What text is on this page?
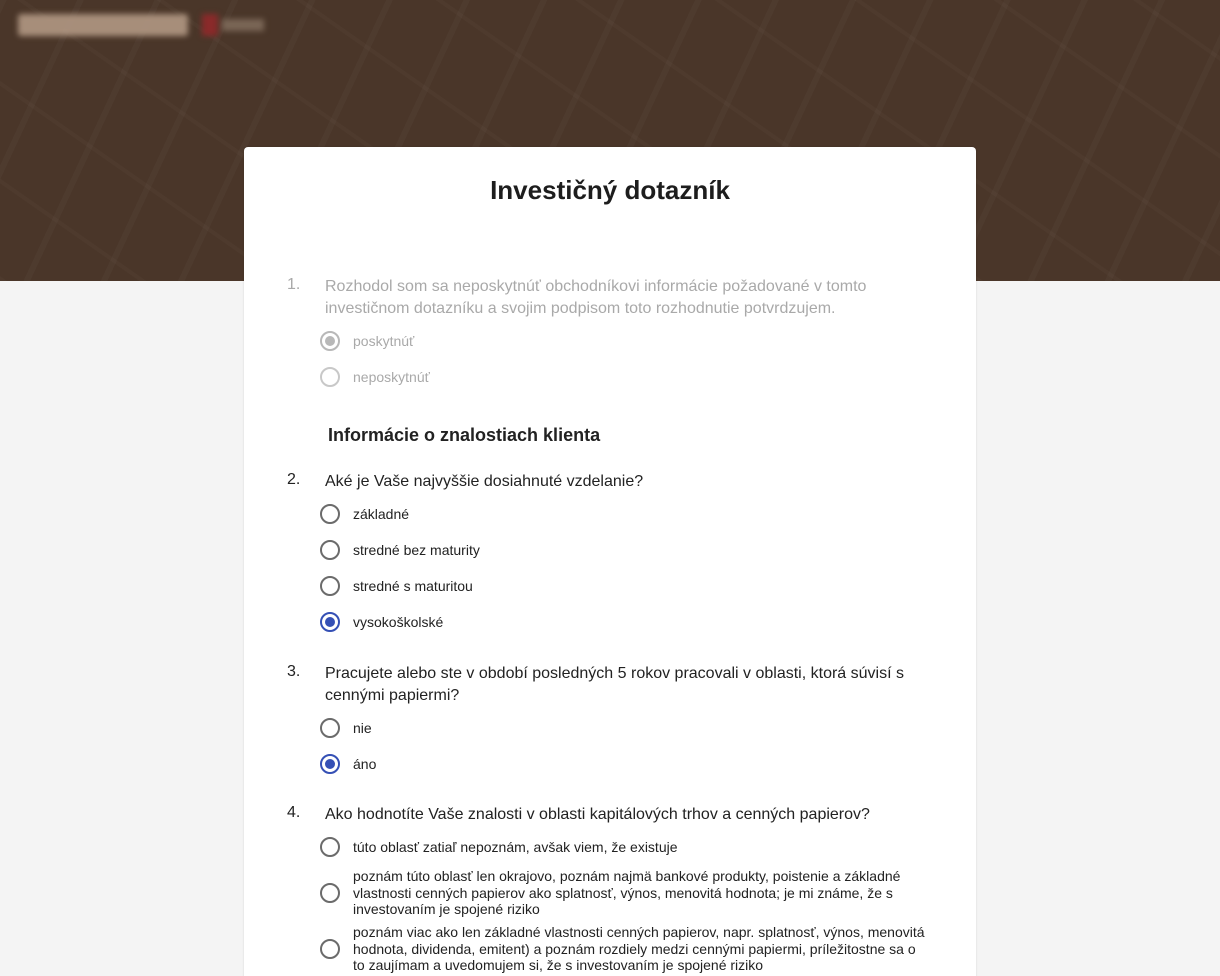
Investičný dotazník
1.	Rozhodol som sa neposkytnúť obchodníkovi informácie požadované v tomto investičnom dotazníku a svojim podpisom toto rozhodnutie potvrdzujem.
poskytnúť
neposkytnúť
Informácie o znalostiach klienta
2.	Aké je Vaše najvyššie dosiahnuté vzdelanie?
základné
stredné bez maturity
stredné s maturitou
vysokoškolské
3.	Pracujete alebo ste v období posledných 5 rokov pracovali v oblasti, ktorá súvisí s cennými papiermi?
nie
áno
4.	Ako hodnotíte Vaše znalosti v oblasti kapitálových trhov a cenných papierov?
túto oblasť zatiaľ nepoznám, avšak viem, že existuje
poznám túto oblasť len okrajovo, poznám najmä bankové produkty, poistenie a základné vlastnosti cenných papierov ako splatnosť, výnos, menovitá hodnota; je mi známe, že s investovaním je spojené riziko
poznám viac ako len základné vlastnosti cenných papierov, napr. splatnosť, výnos, menovitá hodnota, dividenda, emitent) a poznám rozdiely medzi cennými papiermi, príležitostne sa o to zaujímam a uvedomujem si, že s investovaním je spojené riziko
